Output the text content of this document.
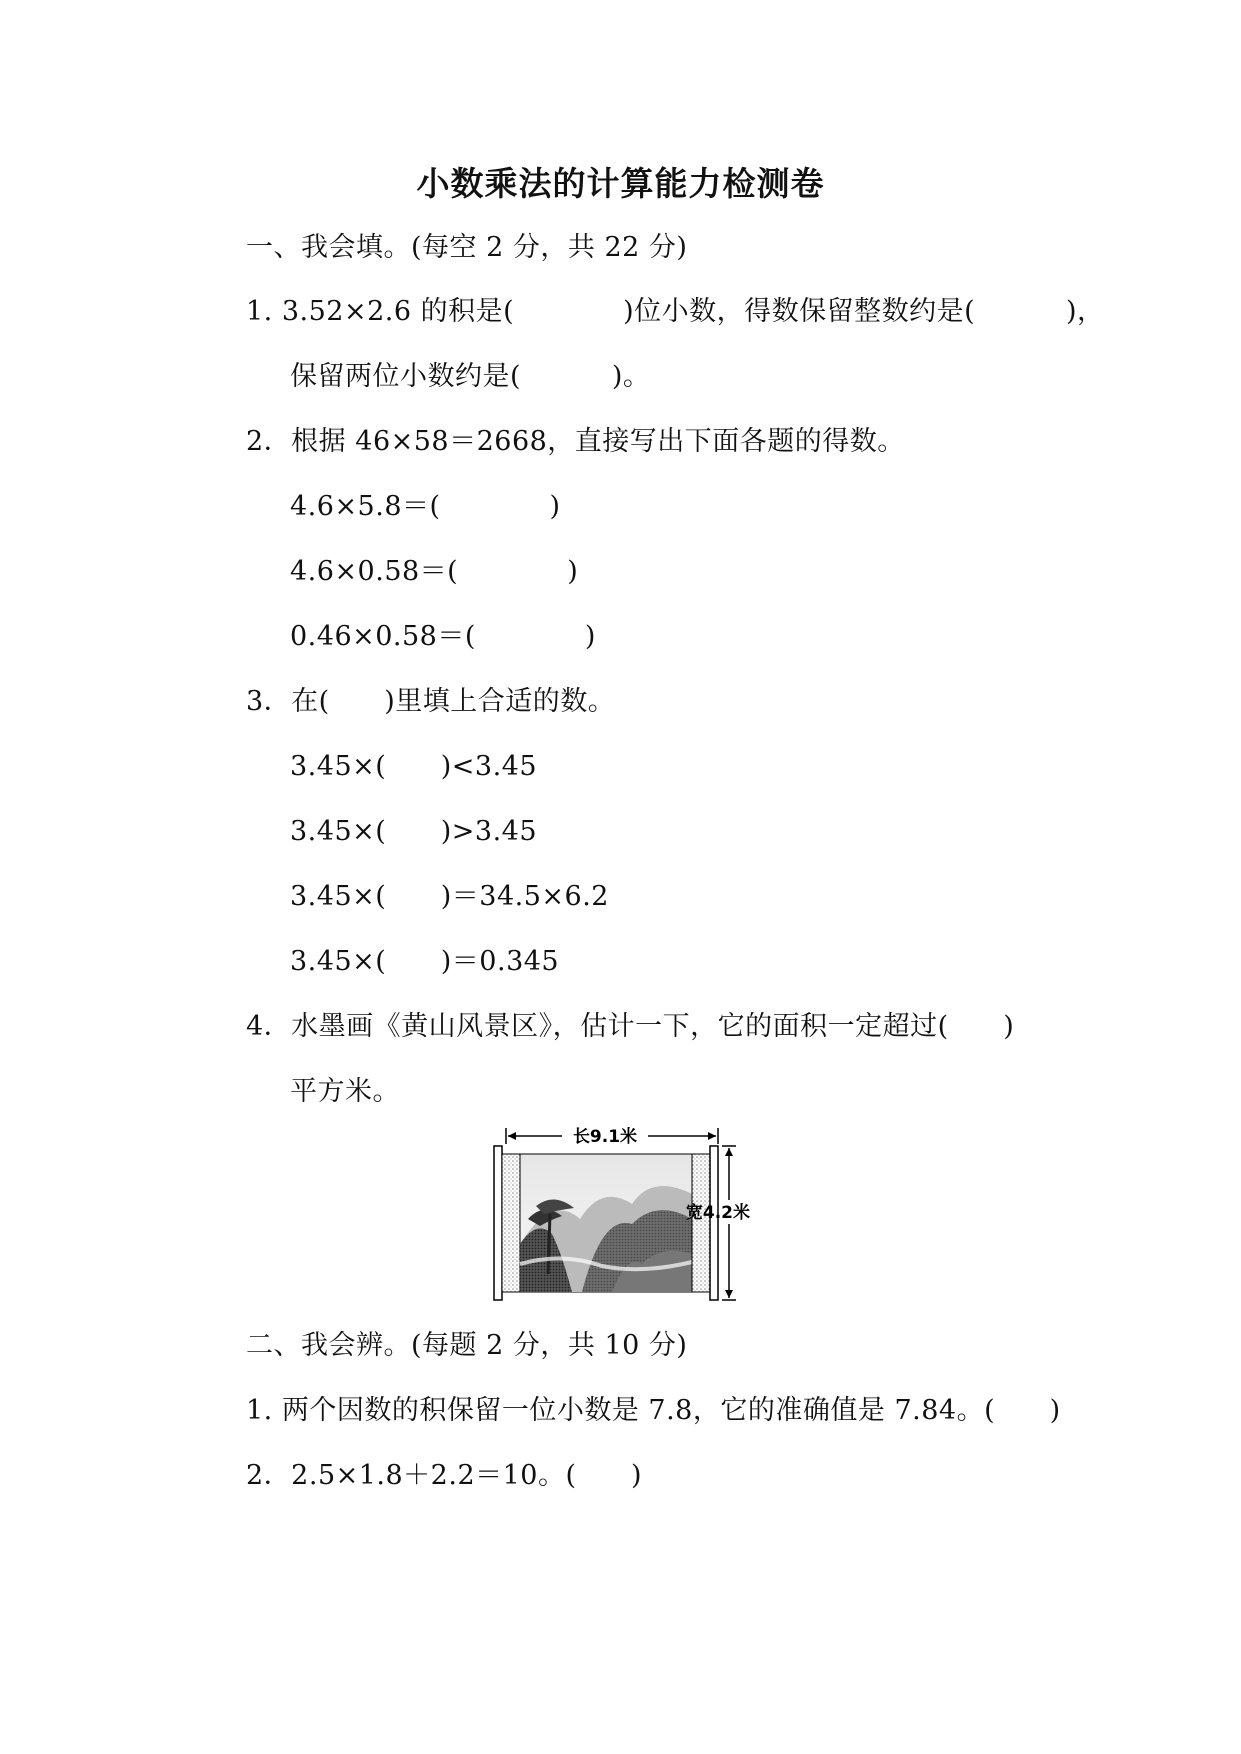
小数乘法的计算能力检测卷
一、我会填。(每空 2 分，共 22 分)
1. 3.52×2.6 的积是(            )位小数，得数保留整数约是(          )，
保留两位小数约是(          )。
2．根据 46×58＝2668，直接写出下面各题的得数。
4.6×5.8＝(            )
4.6×0.58＝(            )
0.46×0.58＝(            )
3．在(      )里填上合适的数。
3.45×(      )<3.45
3.45×(      )>3.45
3.45×(      )＝34.5×6.2
3.45×(      )＝0.345
4．水墨画《黄山风景区》，估计一下，它的面积一定超过(      )
平方米。
长9.1米
宽4.2米
二、我会辨。(每题 2 分，共 10 分)
1. 两个因数的积保留一位小数是 7.8，它的准确值是 7.84。(      )
2．2.5×1.8＋2.2＝10。(      )
